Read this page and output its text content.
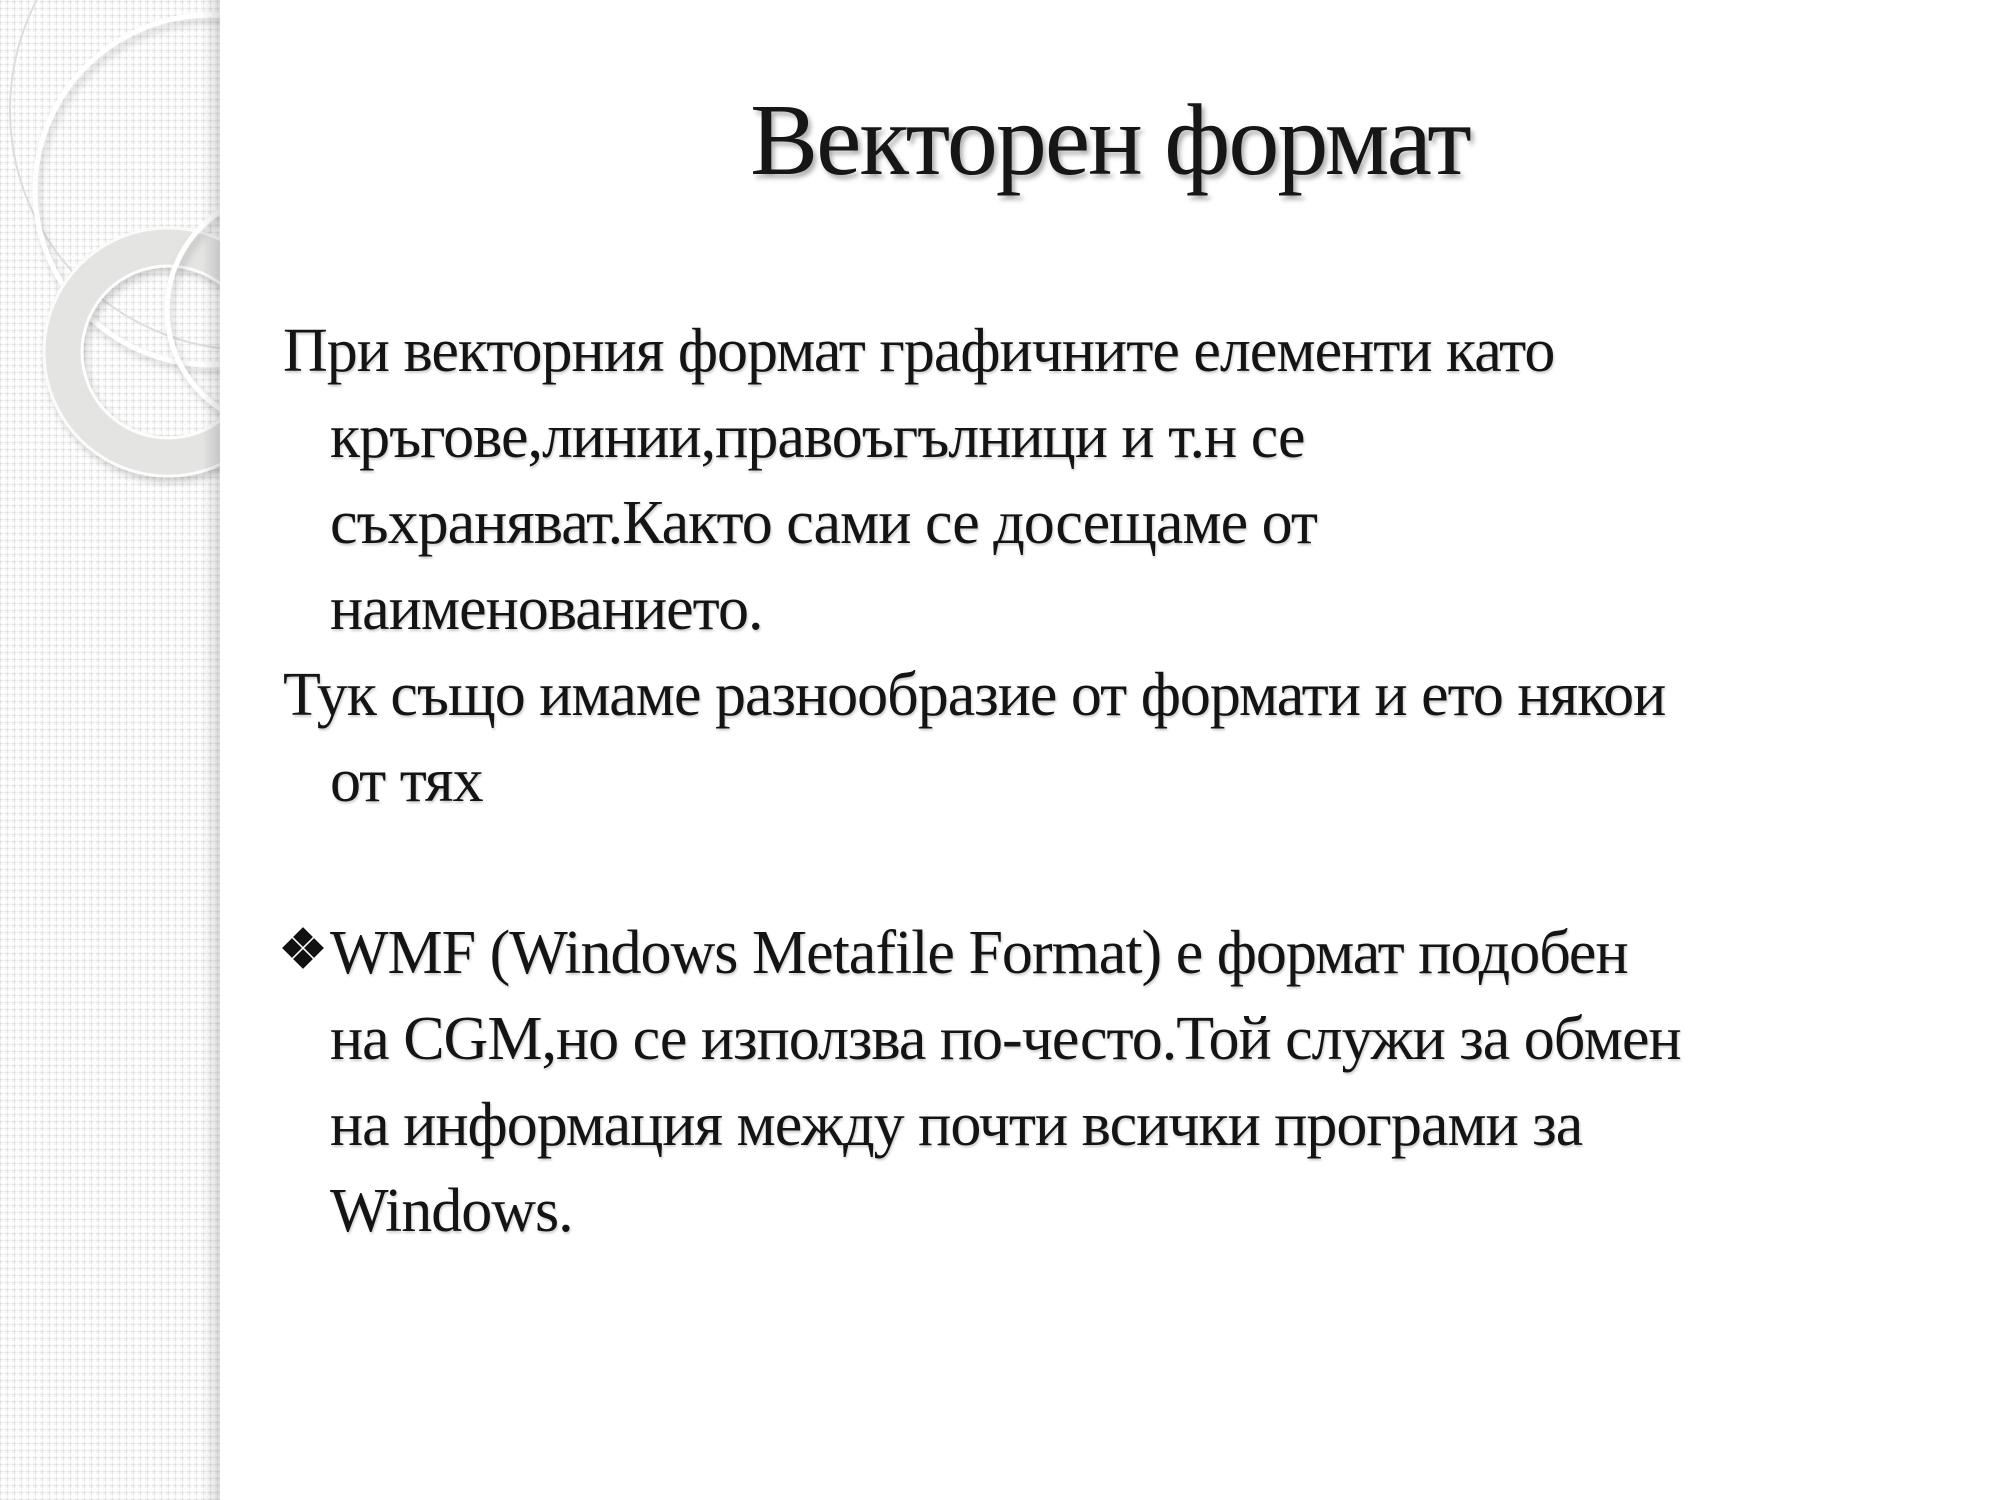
Векторен формат
При векторния формат графичните елементи като
кръгове,линии,правоъгълници и т.н се
съхраняват.Както сами се досещаме от
наименованието.
Тук също имаме разнообразие от формати и ето някои
от тях
WMF (Windows Metafile Format) е формат подобен
на CGM,но се използва по-често.Той служи за обмен
на информация между почти всички програми за
Windows.
